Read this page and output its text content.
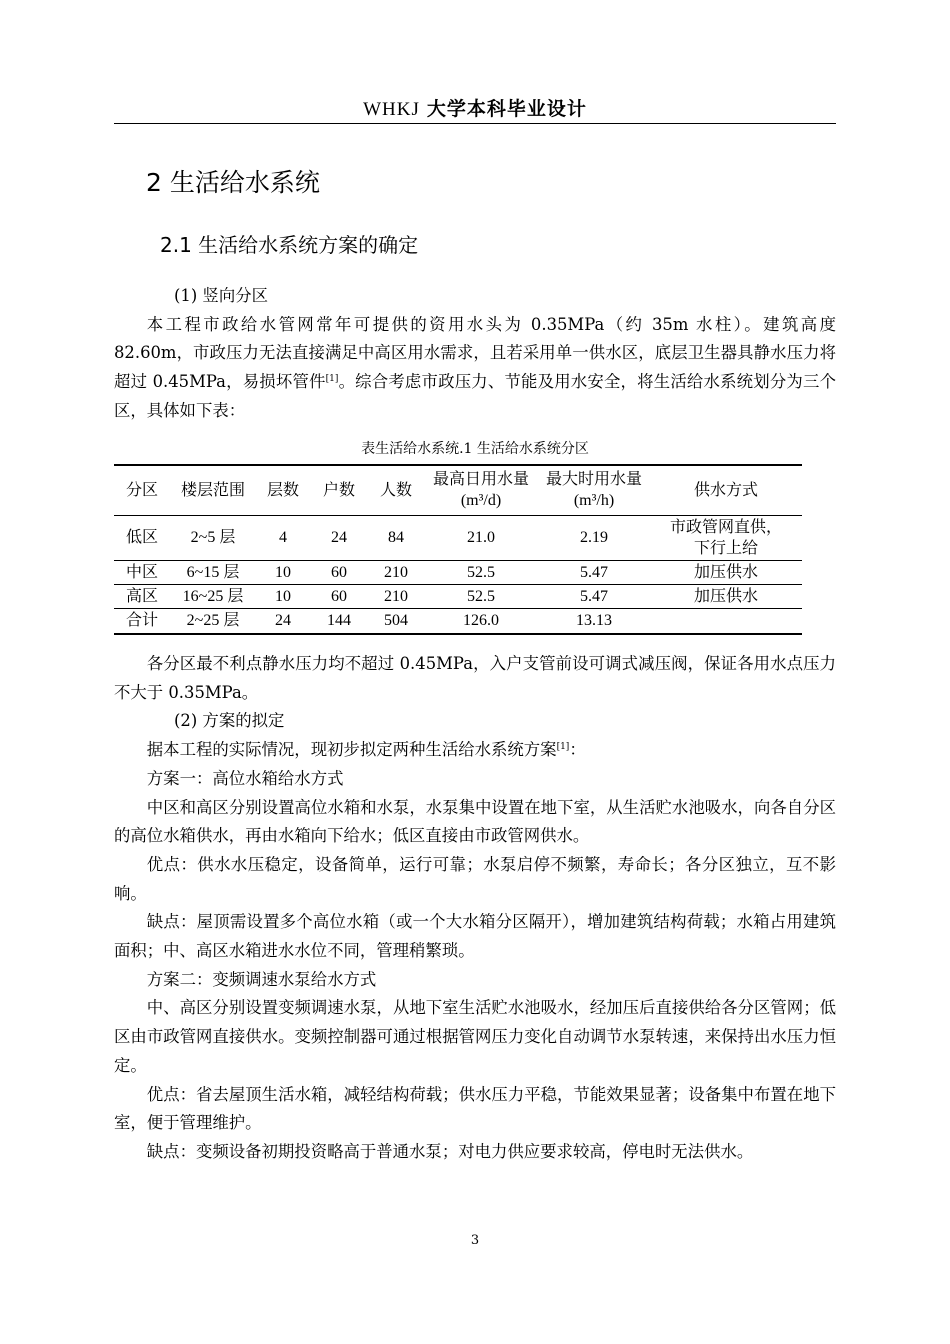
WHKJ 大学本科毕业设计
2 生活给水系统
2.1 生活给水系统方案的确定

(1) 竖向分区

本工程市政给水管网常年可提供的资用水头为 0.35MPa（约 35m 水柱）。建筑高度 82.60m，市政压力无法直接满足中高区用水需求，且若采用单一供水区，底层卫生器具静水压力将超过 0.45MPa，易损坏管件[1]。综合考虑市政压力、节能及用水安全，将生活给水系统划分为三个区，具体如下表：

表生活给水系统.1 生活给水系统分区
分区	楼层范围	层数	户数	人数	最高日用水量(m³/d)	最大时用水量(m³/h)	供水方式
低区	2~5 层	4	24	84	21.0	2.19	市政管网直供，下行上给
中区	6~15 层	10	60	210	52.5	5.47	加压供水
高区	16~25 层	10	60	210	52.5	5.47	加压供水
合计	2~25 层	24	144	504	126.0	13.13	

各分区最不利点静水压力均不超过 0.45MPa，入户支管前设可调式减压阀，保证各用水点压力不大于 0.35MPa。

(2) 方案的拟定

据本工程的实际情况，现初步拟定两种生活给水系统方案[1]：

方案一：高位水箱给水方式

中区和高区分别设置高位水箱和水泵，水泵集中设置在地下室，从生活贮水池吸水，向各自分区的高位水箱供水，再由水箱向下给水；低区直接由市政管网供水。

优点：供水水压稳定，设备简单，运行可靠；水泵启停不频繁，寿命长；各分区独立，互不影响。

缺点：屋顶需设置多个高位水箱（或一个大水箱分区隔开），增加建筑结构荷载；水箱占用建筑面积；中、高区水箱进水水位不同，管理稍繁琐。

方案二：变频调速水泵给水方式

中、高区分别设置变频调速水泵，从地下室生活贮水池吸水，经加压后直接供给各分区管网；低区由市政管网直接供水。变频控制器可通过根据管网压力变化自动调节水泵转速，来保持出水压力恒定。

优点：省去屋顶生活水箱，减轻结构荷载；供水压力平稳，节能效果显著；设备集中布置在地下室，便于管理维护。

缺点：变频设备初期投资略高于普通水泵；对电力供应要求较高，停电时无法供水。

3
